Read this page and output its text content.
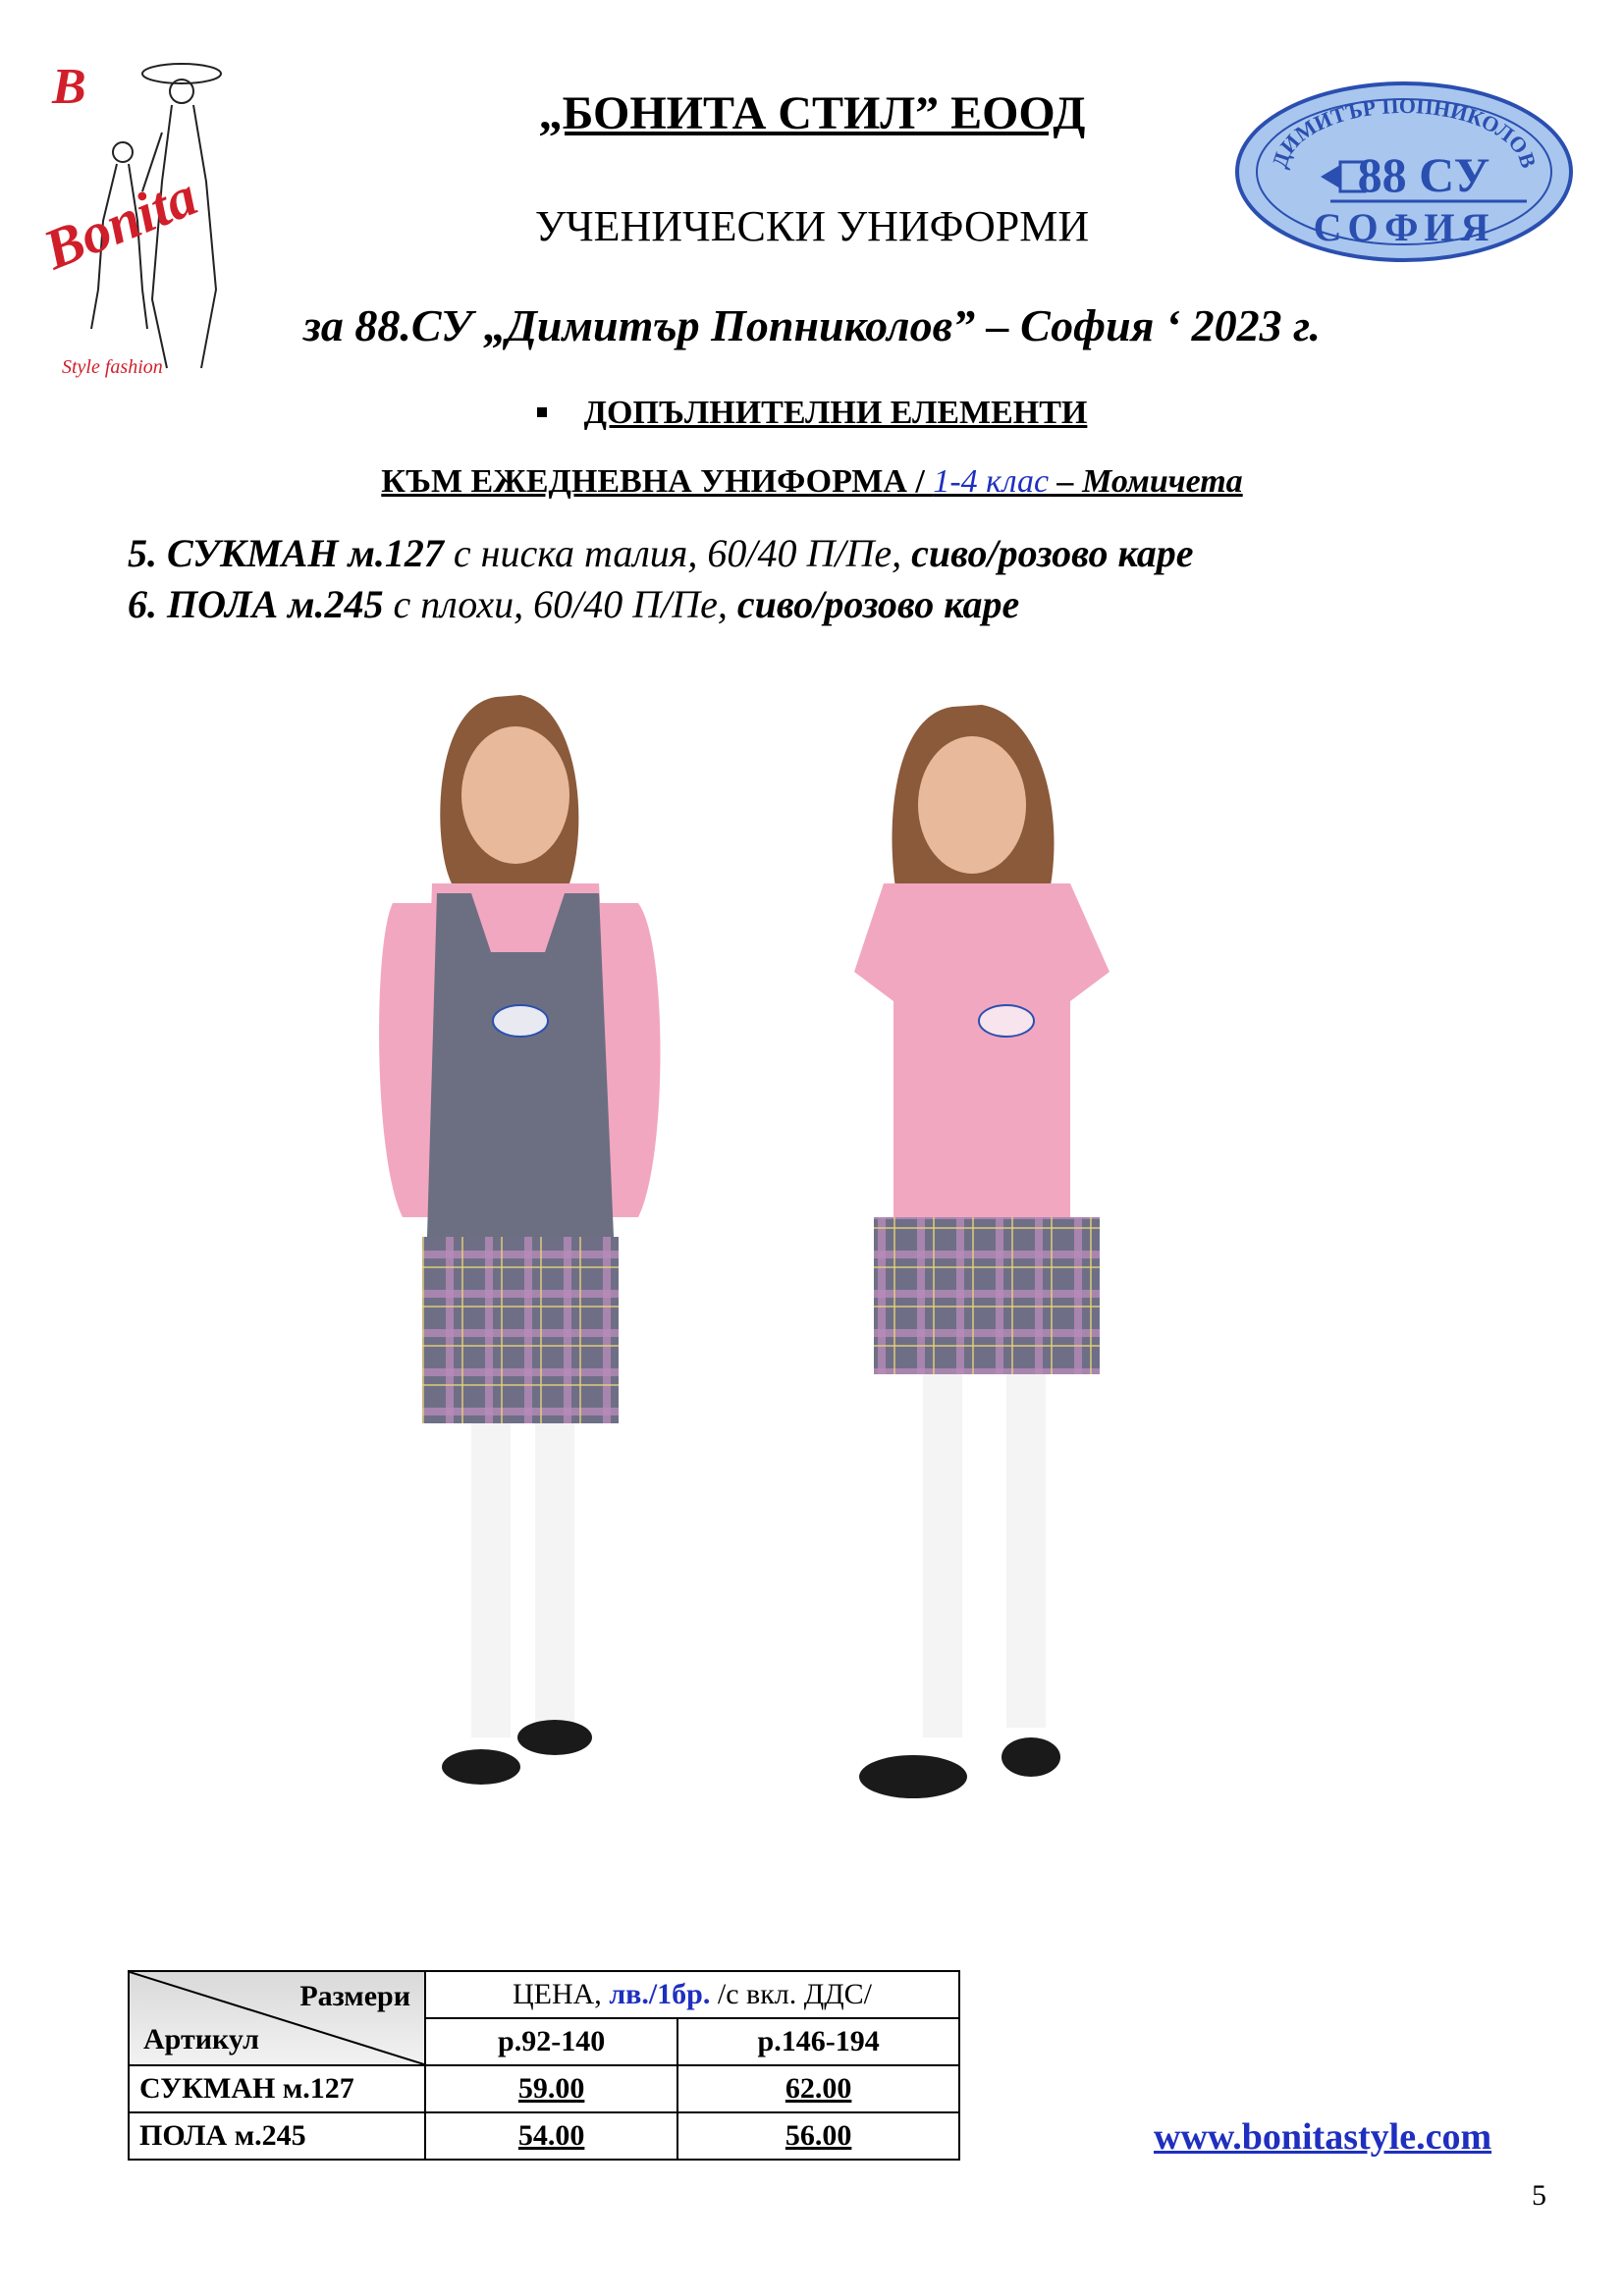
B
Bonita
Style fashion
ДИМИТЪР ПОПНИКОЛОВ
88 СУ
СОФИЯ
„БОНИТА СТИЛ” ЕООД
УЧЕНИЧЕСКИ УНИФОРМИ
за 88.СУ „Димитър Попниколов” – София ‘ 2023 г.
ДОПЪЛНИТЕЛНИ ЕЛЕМЕНТИ
КЪМ ЕЖЕДНЕВНА УНИФОРМА / 1-4 клас – Момичета
5. СУКМАН м.127 с ниска талия, 60/40 П/Пе, сиво/розово каре
6. ПОЛА м.245 с плохи, 60/40 П/Пе, сиво/розово каре
Размери
Артикул	ЦЕНА, лв./1бр. /с вкл. ДДС/	
	р.92-140	р.146-194
СУКМАН м.127	59.00	62.00
ПОЛА м.245	54.00	56.00	www.bonitastyle.com
5
